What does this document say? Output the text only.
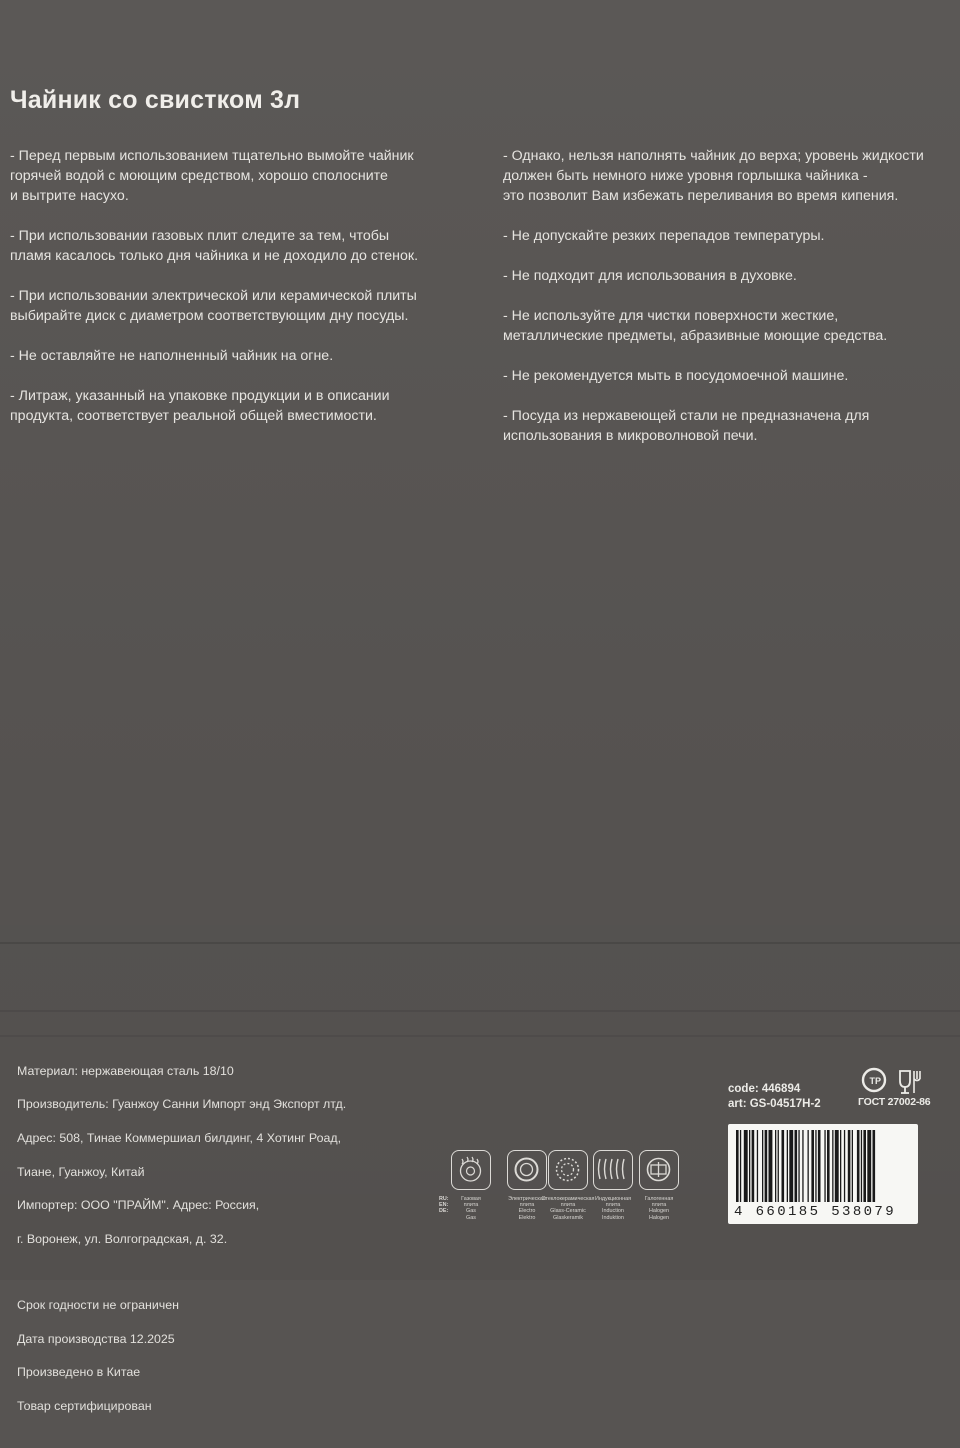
Чайник со свистком 3л

- Перед первым использованием тщательно вымойте чайник
горячей водой с моющим средством, хорошо сполосните
и вытрите насухо.

- При использовании газовых плит следите за тем, чтобы
пламя касалось только дня чайника и не доходило до стенок.

- При использовании электрической или керамической плиты
выбирайте диск с диаметром соответствующим дну посуды.

- Не оставляйте не наполненный чайник на огне.

- Литраж, указанный на упаковке продукции и в описании
продукта, соответствует реальной общей вместимости.

- Однако, нельзя наполнять чайник до верха; уровень жидкости
должен быть немного ниже уровня горлышка чайника -
это позволит Вам избежать переливания во время кипения.

- Не допускайте резких перепадов температуры.

- Не подходит для использования в духовке.

- Не используйте для чистки поверхности жесткие,
металлические предметы, абразивные моющие средства.

- Не рекомендуется мыть в посудомоечной машине.

- Посуда из нержавеющей стали не предназначена для
использования в микроволновой печи.

Материал: нержавеющая сталь 18/10

Производитель: Гуанжоу Санни Импорт энд Экспорт лтд.

Адрес: 508, Тинае Коммершиал билдинг, 4 Хотинг Роад,

Тиане, Гуанжоу, Китай

Импортер: ООО "ПРАЙМ". Адрес: Россия,

г. Воронеж, ул. Волгоградская, д. 32.

Срок годности не ограничен

Дата производства 12.2025

Произведено в Китае

Товар сертифицирован

RU:
EN:
DE:
Газовая
плита
Gas
Gas
Электрическая
плита
Electro
Elektro
Стеклокерамическая
плита
Glass-Ceramic
Glaskeramik
Индукционная
плита
Induction
Induktion
Галогенная
плита
Halogen
Halogen
code: 446894
art: GS-04517H-2
ТР
ГОСТ 27002-86
4 660185 538079
